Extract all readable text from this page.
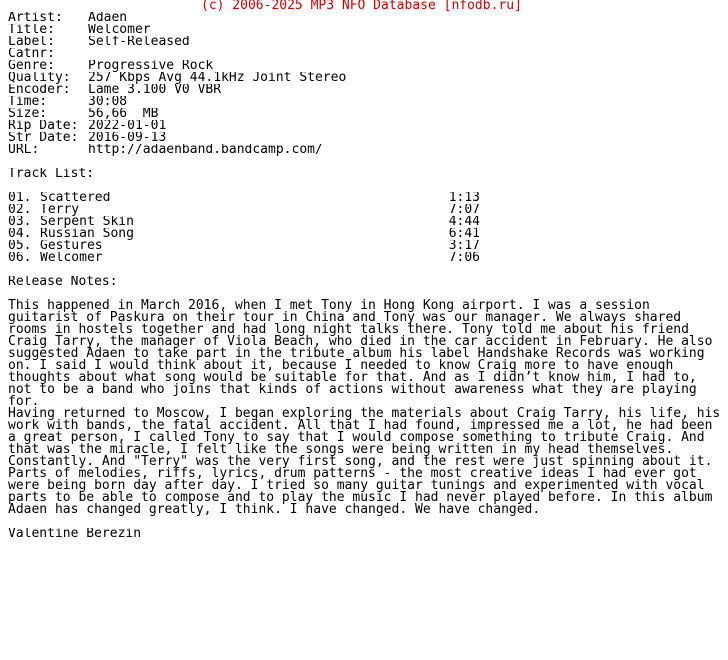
(c) 2006-2025 MP3 NFO Database [nfodb.ru]
Artist: Adaen
Title:	Welcomer
Label:	Self-Released
Catnr:
Genre:	Progressive Rock
Quality: 257 Kbps Avg 44.1kHz Joint Stereo
Encoder: Lame 3.100 V0 VBR
Time:	30:08
Size:	56,66  MB
Rip Date: 2022-01-01
Str Date: 2016-09-13
URL:	http://adaenband.bandcamp.com/
Track List:
01. Scattered	1:13
02. Terry	7:07
03. Serpent Skin	4:44
04. Russian Song	6:41
05. Gestures	3:17
06. Welcomer	7:06
Release Notes:
This happened in March 2016, when I met Tony in Hong Kong airport. I was a session guitarist of Paskura on their tour in China and Tony was our manager. We always shared rooms in hostels together and had long night talks there. Tony told me about his friend Craig Tarry, the manager of Viola Beach, who died in the car accident in February. He also suggested Adaen to take part in the tribute album his label Handshake Records was working on. I said I would think about it, because I needed to know Craig more to have enough thoughts about what song would be suitable for that. And as I didn’t know him, I had to, not to be a band who joins that kinds of actions without awareness what they are playing for.
Having returned to Moscow, I began exploring the materials about Craig Tarry, his life, his work with bands, the fatal accident. All that I had found, impressed me a lot, he had been a great person, I called Tony to say that I would compose something to tribute Craig. And that was the miracle, I felt like the songs were being written in my head themselves. Constantly. And "Terry" was the very first song, and the rest were just spinning about it. Parts of melodies, riffs, lyrics, drum patterns - the most creative ideas I had ever got were being born day after day. I tried so many guitar tunings and experimented with vocal parts to be able to compose and to play the music I had never played before. In this album Adaen has changed greatly, I think. I have changed. We have changed.
Valentine Berezin
